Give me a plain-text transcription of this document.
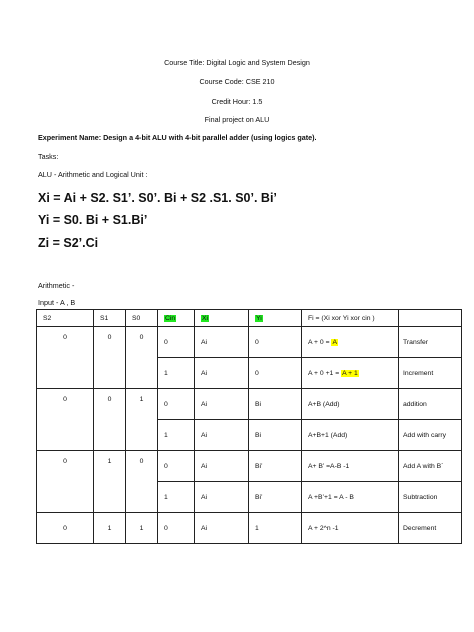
Course Title: Digital Logic and System Design
Course Code: CSE 210
Credit Hour: 1.5
Final project on ALU
Experiment Name: Design a 4-bit ALU with 4-bit parallel adder (using logics gate).
Tasks:
ALU - Arithmetic and Logical Unit :
Xi = Ai + S2. S1’. S0’. Bi + S2 .S1. S0’. Bi’
Yi = S0. Bi + S1.Bi’
Zi = S2’.Ci
Arithmetic -
Input - A , B
S2	S1	S0	Cin	Xi	Yi	Fi = (Xi xor Yi xor cin )	
0	0	0	0	Ai	0	A + 0 = A	Transfer
			1	Ai	0	A + 0 +1 = A + 1	Increment
0	0	1	0	Ai	Bi	A+B (Add)	addition
			1	Ai	Bi	A+B+1 (Add)	Add with carry
0	1	0	0	Ai	Bi’	A+ B’ =A-B -1	Add A with B`
			1	Ai	Bi’	A +B’+1 = A - B	Subtraction
0	1	1	0	Ai	1	A + 2^n -1	Decrement
